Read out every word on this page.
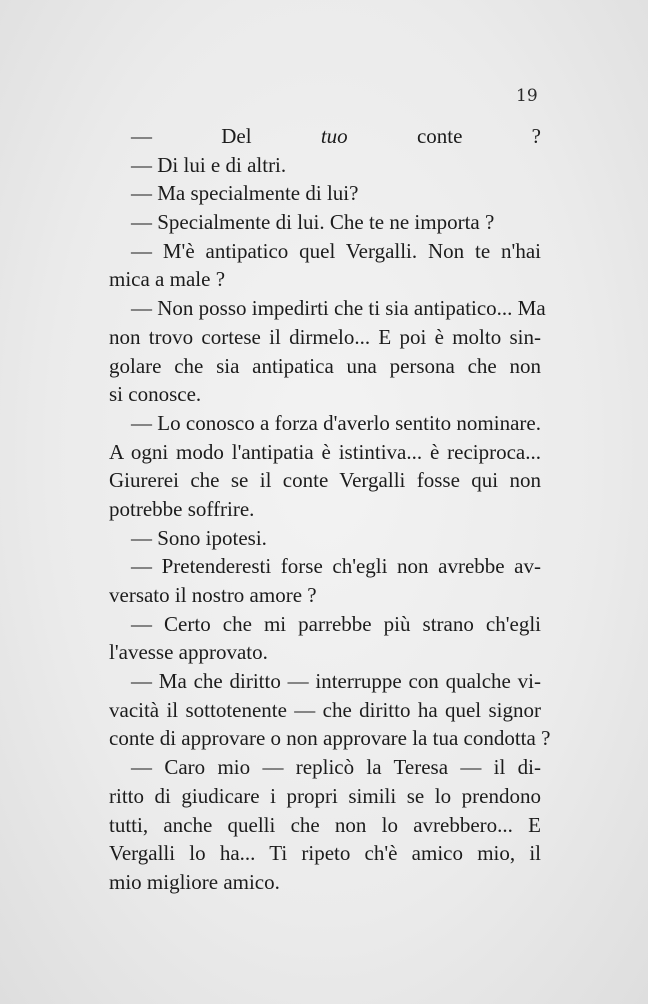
19
— Del tuo conte ?
— Di lui e di altri.
— Ma specialmente di lui?
— Specialmente di lui. Che te ne importa ?
— M'è antipatico quel Vergalli. Non te n'hai
mica a male ?
— Non posso impedirti che ti sia antipatico... Ma
non trovo cortese il dirmelo... E poi è molto sin-
golare che sia antipatica una persona che non
si conosce.
— Lo conosco a forza d'averlo sentito nominare.
A ogni modo l'antipatia è istintiva... è reciproca...
Giurerei che se il conte Vergalli fosse qui non
potrebbe soffrire.
— Sono ipotesi.
— Pretenderesti forse ch'egli non avrebbe av-
versato il nostro amore ?
— Certo che mi parrebbe più strano ch'egli
l'avesse approvato.
— Ma che diritto — interruppe con qualche vi-
vacità il sottotenente — che diritto ha quel signor
conte di approvare o non approvare la tua condotta ?
— Caro mio — replicò la Teresa — il di-
ritto di giudicare i propri simili se lo prendono
tutti, anche quelli che non lo avrebbero... E
Vergalli lo ha... Ti ripeto ch'è amico mio, il
mio migliore amico.
